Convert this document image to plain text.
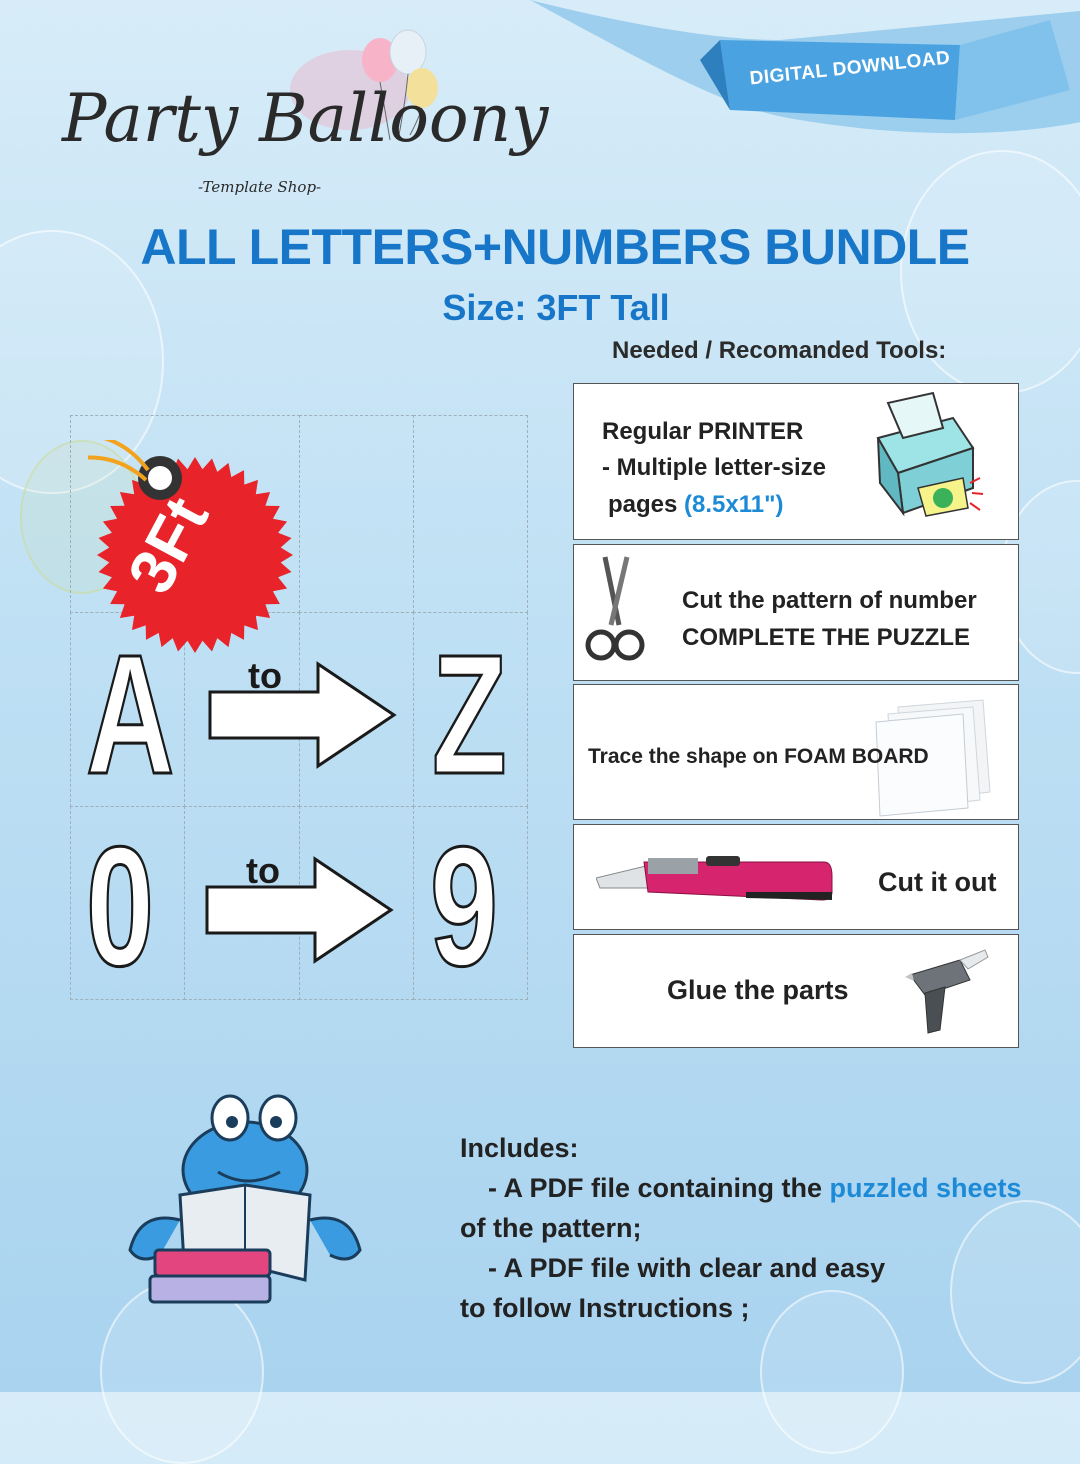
DIGITAL DOWNLOAD
Party Balloony
-Template Shop-
ALL LETTERS+NUMBERS BUNDLE
Size: 3FT Tall
Needed / Recomanded Tools:
3Ft
A to Z
0	to 9
Regular PRINTER
- Multiple letter-size
pages (8.5x11")
Cut the pattern of number
COMPLETE THE PUZZLE
Trace the shape on FOAM BOARD
Cut it out
Glue the parts
Includes:
- A PDF file containing the puzzled sheets
of the pattern;
- A PDF file with clear and easy
to follow Instructions ;
